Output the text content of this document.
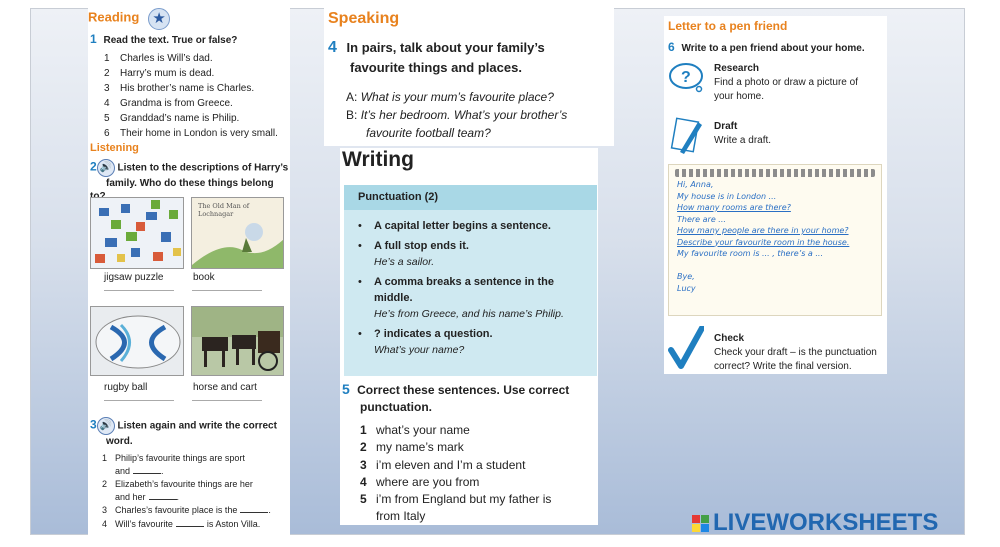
Reading ★
1 Read the text. True or false?
1	Charles is Will’s dad.
2	Harry’s mum is dead.
3	His brother’s name is Charles.
4	Grandma is from Greece.
5	Granddad’s name is Philip.
6	Their home in London is very small.
Listening
2 🔊 Listen to the descriptions of Harry’s
family. Who do these things belong
The Old Man of Lochnagar
jigsaw puzzle	book
rugby ball	horse and cart
3 🔊 Listen again and write the correct
word.
1 Philip’s favourite things are sport
and	.
2 Elizabeth’s favourite things are her
and her	.
3 Charles’s favourite place is the	.
4 Will’s favourite	is Aston Villa.
Speaking
4 In pairs, talk about your family’s
favourite things and places.
A: What is your mum’s favourite place?
B: It’s her bedroom. What’s your brother’s
favourite football team?
Writing
Punctuation (2)
• A capital letter begins a sentence.
• A full stop ends it.
He’s a sailor.
• A comma breaks a sentence in the middle.
He’s from Greece, and his name’s Philip.
• ? indicates a question.
What’s your name?
5 Correct these sentences. Use correct
punctuation.
1 what’s your name
2 my name’s mark
3 i’m eleven and I’m a student
4 where are you from
5 i’m from England but my father is
from Italy
Letter to a pen friend
6 Write to a pen friend about your home.
?
Research
Find a photo or draw a picture of
your home.
Draft
Write a draft.
Hi, Anna,
My house is in London ...
How many rooms are there?
There are ...
How many people are there in your home?
Describe your favourite room in the house.
My favourite room is ... , there’s a ...
Bye,
Lucy
Check
Check your draft – is the punctuation
correct? Write the final version.
LIVEWORKSHEETS
